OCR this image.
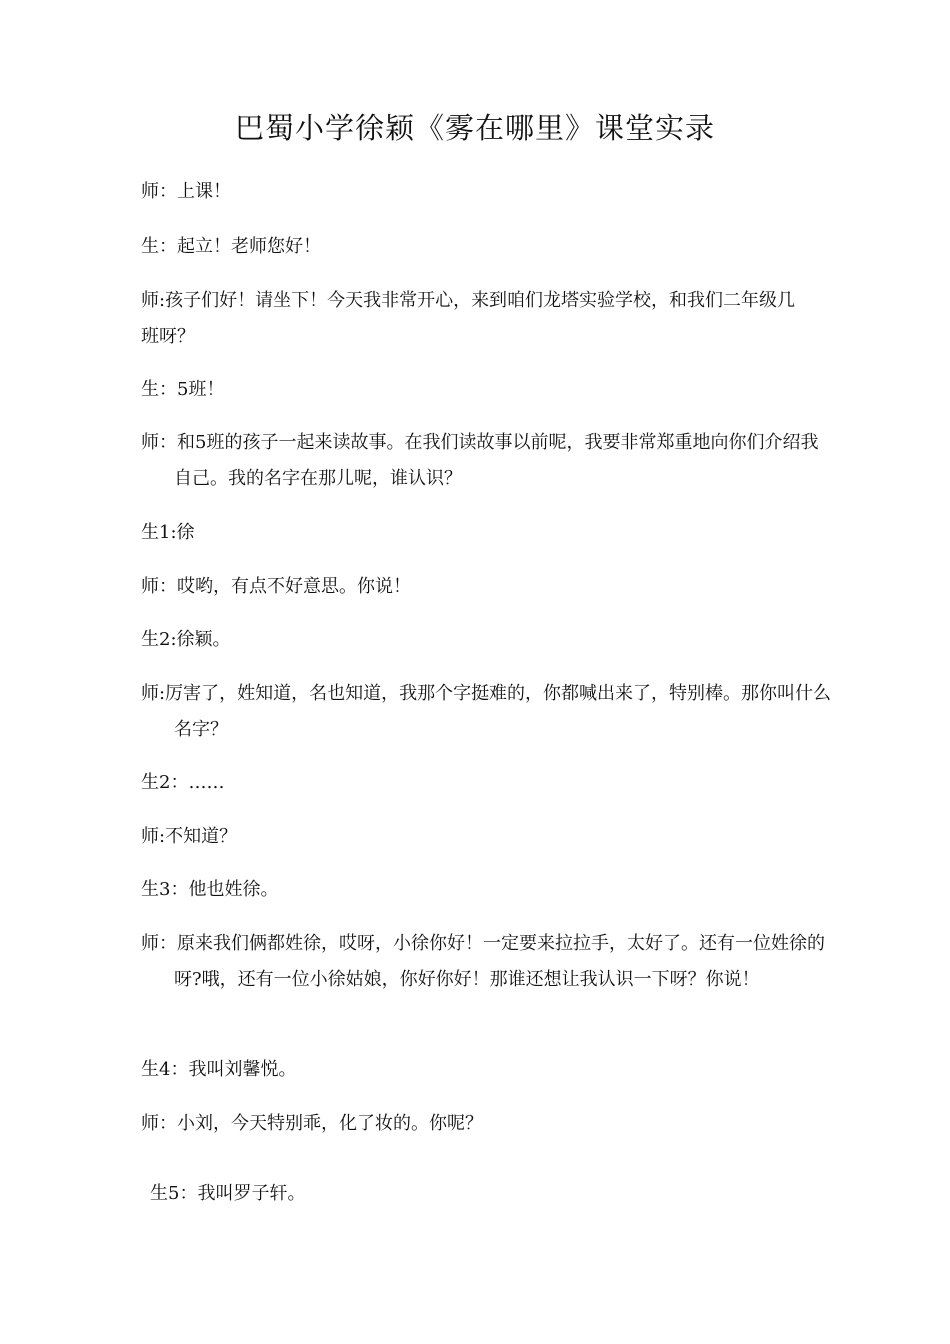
巴蜀小学徐颖《雾在哪里》课堂实录

师：上课！

生：起立！老师您好！

师:孩子们好！请坐下！今天我非常开心，来到咱们龙塔实验学校，和我们二年级几班呀？

生：5班！

师：和5班的孩子一起来读故事。在我们读故事以前呢，我要非常郑重地向你们介绍我自己。我的名字在那儿呢，谁认识？

生1:徐

师：哎哟，有点不好意思。你说！

生2:徐颖。

师:厉害了，姓知道，名也知道，我那个字挺难的，你都喊出来了，特别棒。那你叫什么名字？

生2：……

师:不知道？

生3：他也姓徐。

师：原来我们俩都姓徐，哎呀，小徐你好！一定要来拉拉手，太好了。还有一位姓徐的呀?哦，还有一位小徐姑娘，你好你好！那谁还想让我认识一下呀？你说！

生4：我叫刘馨悦。

师：小刘，今天特别乖，化了妆的。你呢？

生5：我叫罗子轩。
